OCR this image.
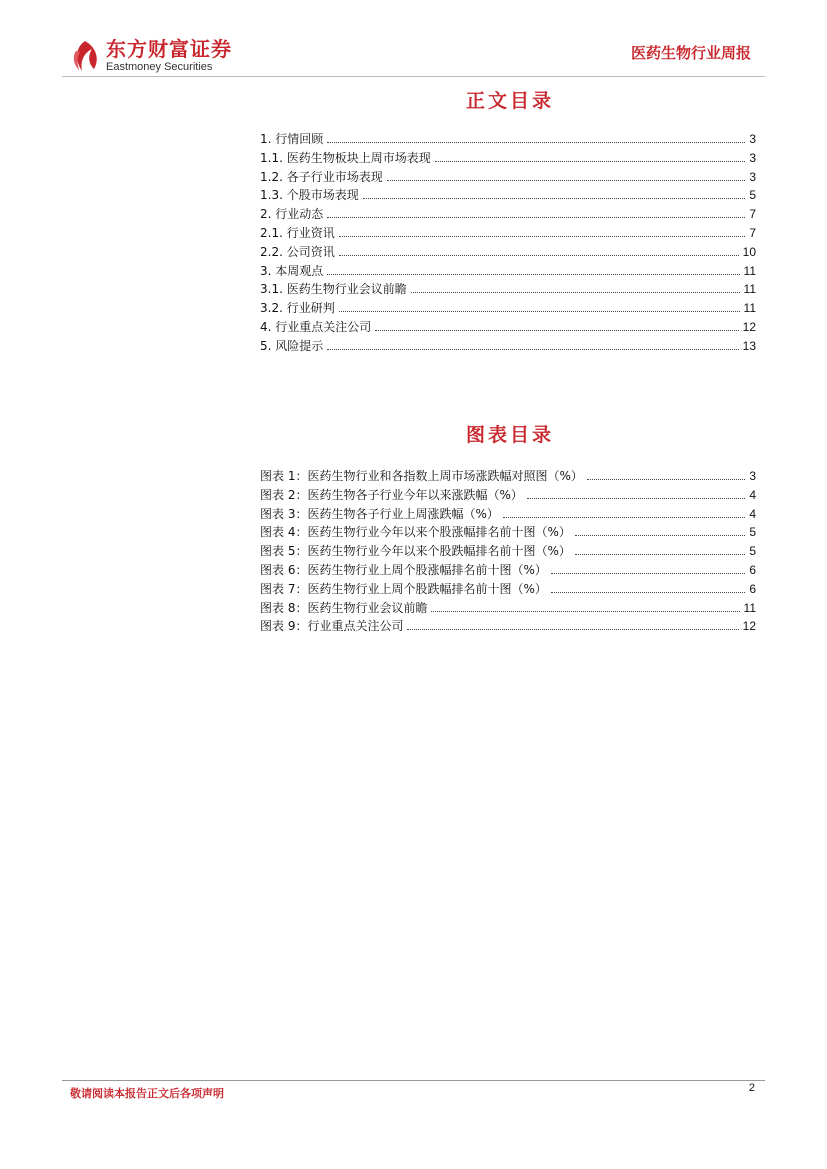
东方财富证券
Eastmoney Securities
医药生物行业周报
正文目录
1. 行情回顾	3
1.1. 医药生物板块上周市场表现	3
1.2. 各子行业市场表现	3
1.3. 个股市场表现	5
2. 行业动态	7
2.1. 行业资讯	7
2.2. 公司资讯	10
3. 本周观点	11
3.1. 医药生物行业会议前瞻	11
3.2. 行业研判	11
4. 行业重点关注公司	12
5. 风险提示	13
图表目录
图表 1：医药生物行业和各指数上周市场涨跌幅对照图（%）	3
图表 2：医药生物各子行业今年以来涨跌幅（%）	4
图表 3：医药生物各子行业上周涨跌幅（%）	4
图表 4：医药生物行业今年以来个股涨幅排名前十图（%）	5
图表 5：医药生物行业今年以来个股跌幅排名前十图（%）	5
图表 6：医药生物行业上周个股涨幅排名前十图（%）	6
图表 7：医药生物行业上周个股跌幅排名前十图（%）	6
图表 8：医药生物行业会议前瞻	11
图表 9：行业重点关注公司	12
敬请阅读本报告正文后各项声明	2
